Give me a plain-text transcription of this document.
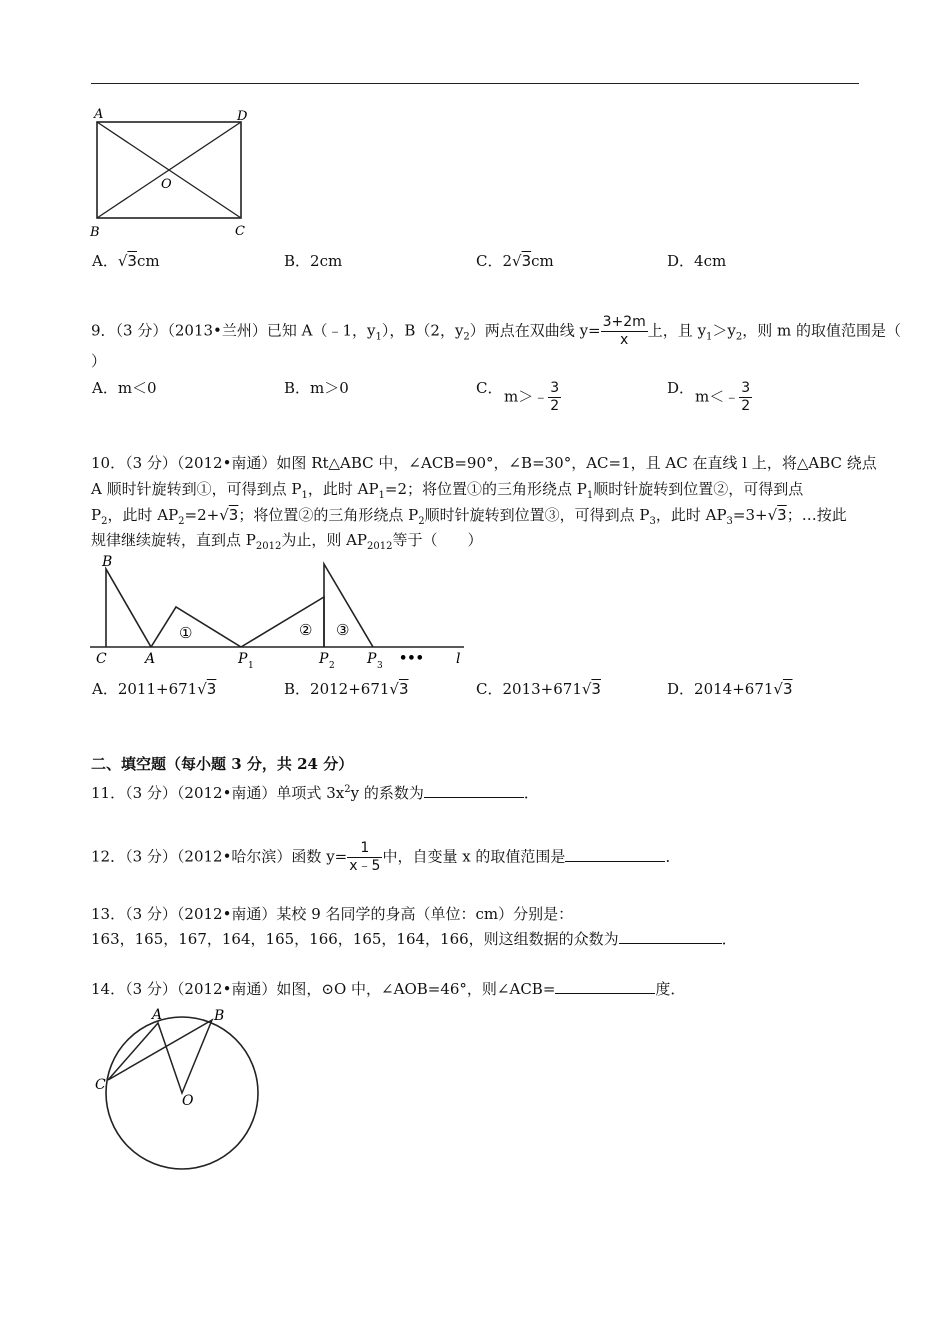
A	D
O
B	C
A．√3cm	B．2cm	C．2√3cm	D．4cm
9．（3 分）（2013•兰州）已知 A（﹣1，$y_1$），B（2，$y_2$）两点在双曲线 $y= \frac{3+2m}{x}$ 上，且 $y_1>y_2$，则 m 的取值范围是（
）
A．m＜0	B．m＞0	C． m＞﹣ $\frac{3}{2}$	D． m＜﹣ $\frac{3}{2}$
10．（3 分）（2012•南通）如图 Rt△ABC 中，∠ACB=90°，∠B=30°，AC=1，且 AC 在直线 l 上，将△ABC 绕点
A 顺时针旋转到①，可得到点 $P_1$，此时 $AP_1=2$；将位置①的三角形绕点 $P_1$顺时针旋转到位置②，可得到点
$P_2$，此时 $AP_2=2+√3$；将位置②的三角形绕点 $P_2$顺时针旋转到位置③，可得到点 $P_3$，此时 $AP_3=3+√3$；…按此
规律继续旋转，直到点 $P_{2012}$为止，则 $AP_{2012}$等于（　　）
B
C	A	P 1	P 2 P 3	l
①	② ③
•••
A．2011+671√3	B．2012+671√3	C．2013+671√3	D．2014+671√3
二、填空题（每小题 3 分，共 24 分）
11．（3 分）（2012•南通）单项式 $3x^2y$ 的系数为	．
12．（3 分）（2012•哈尔滨）函数 $y= \frac{1}{x﹣5}$ 中，自变量 x 的取值范围是	．
13．（3 分）（2012•南通）某校 9 名同学的身高（单位：cm）分别是：
163，165，167，164，165，166，165，164，166，则这组数据的众数为	．
14．（3 分）（2012•南通）如图，⊙O 中，∠AOB=46°，则∠ACB=	度．
A	B
C
O
